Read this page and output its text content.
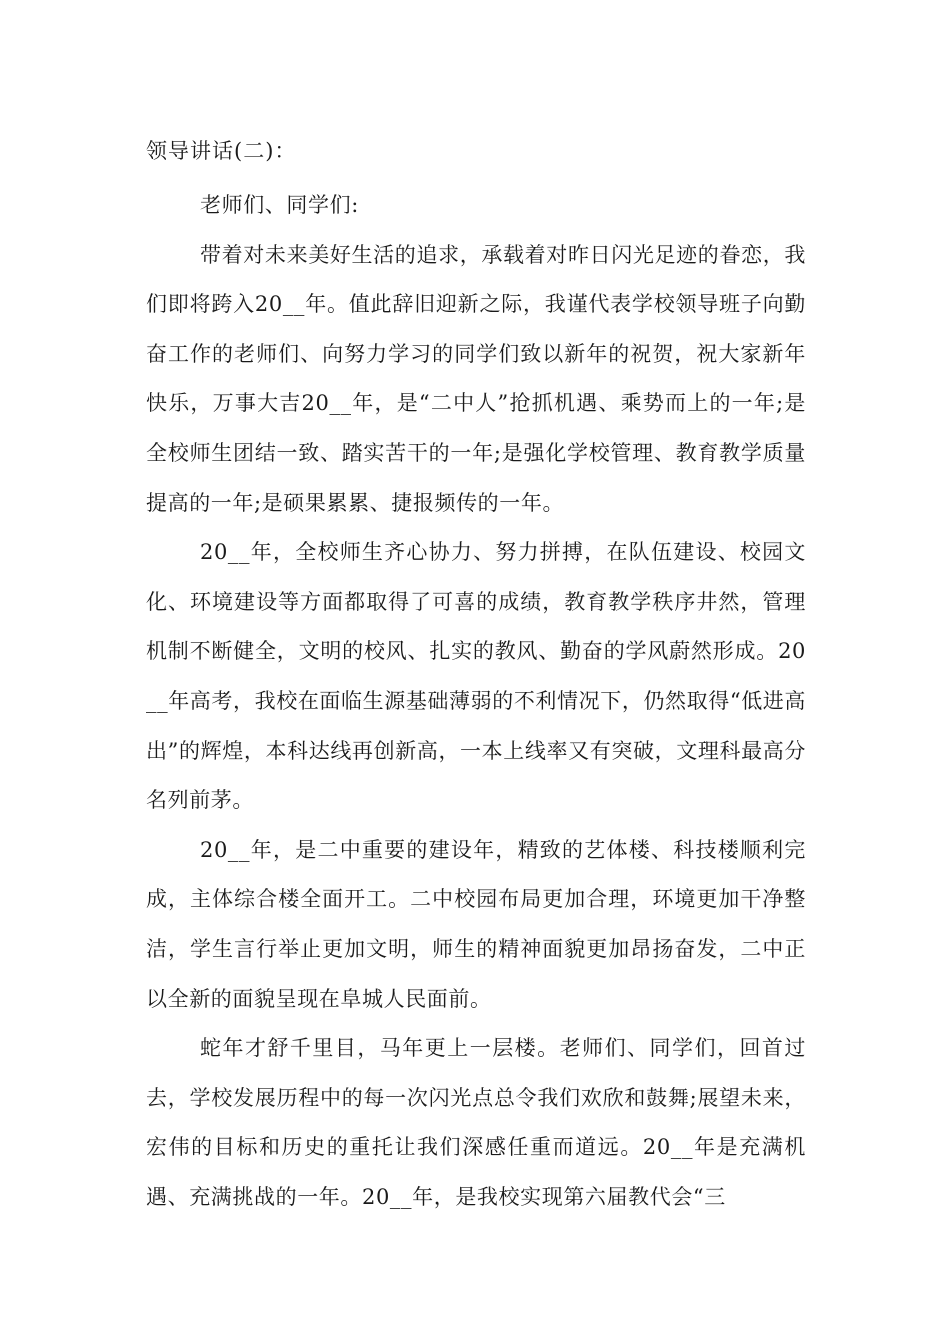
领导讲话(二)：

老师们、同学们:

带着对未来美好生活的追求，承载着对昨日闪光足迹的眷恋，我们即将跨入20__年。值此辞旧迎新之际，我谨代表学校领导班子向勤奋工作的老师们、向努力学习的同学们致以新年的祝贺，祝大家新年快乐，万事大吉20__年，是“二中人”抢抓机遇、乘势而上的一年;是全校师生团结一致、踏实苦干的一年;是强化学校管理、教育教学质量提高的一年;是硕果累累、捷报频传的一年。

20__年，全校师生齐心协力、努力拼搏，在队伍建设、校园文化、环境建设等方面都取得了可喜的成绩，教育教学秩序井然，管理机制不断健全，文明的校风、扎实的教风、勤奋的学风蔚然形成。20__年高考，我校在面临生源基础薄弱的不利情况下，仍然取得“低进高出”的辉煌，本科达线再创新高，一本上线率又有突破，文理科最高分名列前茅。

20__年，是二中重要的建设年，精致的艺体楼、科技楼顺利完成，主体综合楼全面开工。二中校园布局更加合理，环境更加干净整洁，学生言行举止更加文明，师生的精神面貌更加昂扬奋发，二中正以全新的面貌呈现在阜城人民面前。

蛇年才舒千里目，马年更上一层楼。老师们、同学们，回首过去，学校发展历程中的每一次闪光点总令我们欢欣和鼓舞;展望未来，宏伟的目标和历史的重托让我们深感任重而道远。20__年是充满机遇、充满挑战的一年。20__年，是我校实现第六届教代会“三
